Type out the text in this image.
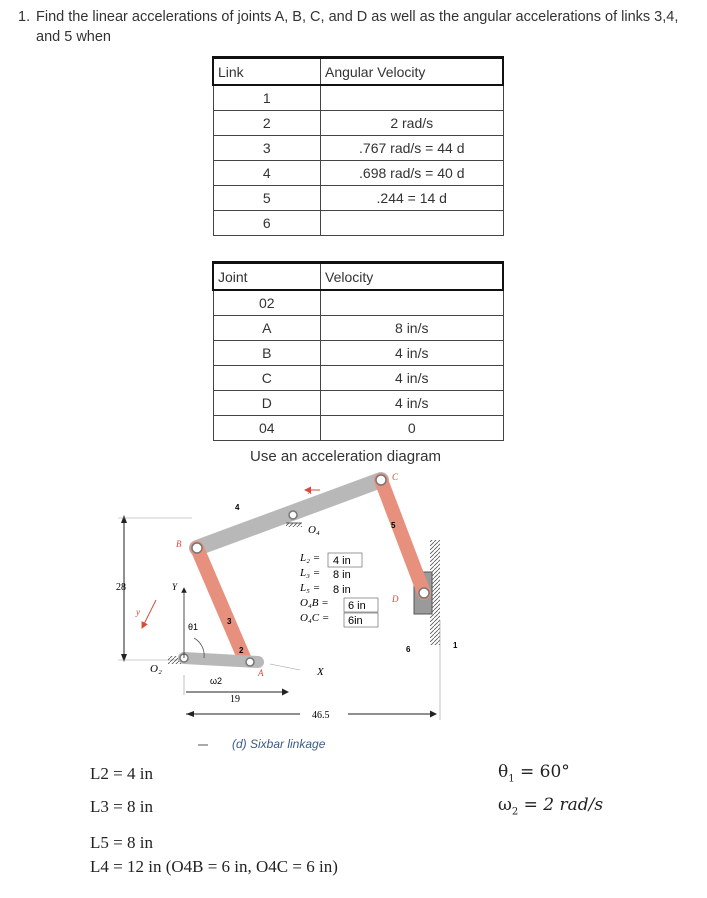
1. Find the linear accelerations of joints A, B, C, and D as well as the angular accelerations of links 3,4, and 5 when
Link	Angular Velocity
1	
2	2 rad/s
3	.767 rad/s = 44 d
4	.698 rad/s = 40 d
5	.244 = 14 d
6	
Joint	Velocity
02	
A	8 in/s
B	4 in/s
C	4 in/s
D	4 in/s
04	0
Use an acceleration diagram
28
19
46.5
B
A
C
D
O₂
O₄
x
y
Y
X
θ1
ω2
4
3
2
5
6	1
L₂ = 4 in
L₃ = 8 in
L₅ = 8 in
O₄B = 6 in
O₄C = 6in
(d) Sixbar linkage
L2 = 4 in
L3 = 8 in
L5 = 8 in
L4 = 12 in (O4B = 6 in, O4C = 6 in)
$\theta_1 = 60^\circ$
$\omega_2 = 2$ rad/s
